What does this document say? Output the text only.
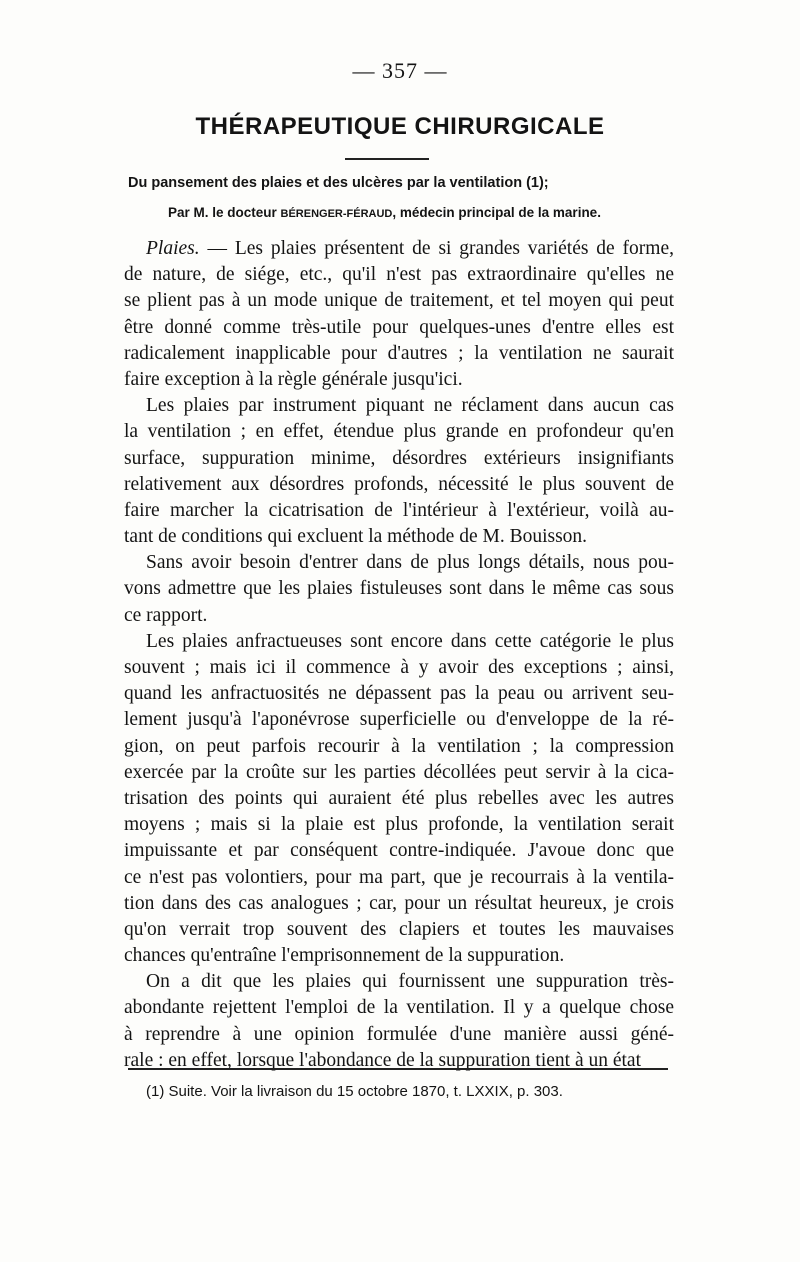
— 357 —
THÉRAPEUTIQUE CHIRURGICALE
Du pansement des plaies et des ulcères par la ventilation (1);
Par M. le docteur BÉRENGER-FÉRAUD, médecin principal de la marine.
Plaies. — Les plaies présentent de si grandes variétés de forme,
de nature, de siége, etc., qu'il n'est pas extraordinaire qu'elles ne
se plient pas à un mode unique de traitement, et tel moyen qui peut
être donné comme très-utile pour quelques-unes d'entre elles est
radicalement inapplicable pour d'autres ; la ventilation ne saurait
faire exception à la règle générale jusqu'ici.
Les plaies par instrument piquant ne réclament dans aucun cas
la ventilation ; en effet, étendue plus grande en profondeur qu'en
surface, suppuration minime, désordres extérieurs insignifiants
relativement aux désordres profonds, nécessité le plus souvent de
faire marcher la cicatrisation de l'intérieur à l'extérieur, voilà au-
tant de conditions qui excluent la méthode de M. Bouisson.
Sans avoir besoin d'entrer dans de plus longs détails, nous pou-
vons admettre que les plaies fistuleuses sont dans le même cas sous
ce rapport.
Les plaies anfractueuses sont encore dans cette catégorie le plus
souvent ; mais ici il commence à y avoir des exceptions ; ainsi,
quand les anfractuosités ne dépassent pas la peau ou arrivent seu-
lement jusqu'à l'aponévrose superficielle ou d'enveloppe de la ré-
gion, on peut parfois recourir à la ventilation ; la compression
exercée par la croûte sur les parties décollées peut servir à la cica-
trisation des points qui auraient été plus rebelles avec les autres
moyens ; mais si la plaie est plus profonde, la ventilation serait
impuissante et par conséquent contre-indiquée. J'avoue donc que
ce n'est pas volontiers, pour ma part, que je recourrais à la ventila-
tion dans des cas analogues ; car, pour un résultat heureux, je crois
qu'on verrait trop souvent des clapiers et toutes les mauvaises
chances qu'entraîne l'emprisonnement de la suppuration.
On a dit que les plaies qui fournissent une suppuration très-
abondante rejettent l'emploi de la ventilation. Il y a quelque chose
à reprendre à une opinion formulée d'une manière aussi géné-
rale : en effet, lorsque l'abondance de la suppuration tient à un état
(1) Suite. Voir la livraison du 15 octobre 1870, t. LXXIX, p. 303.
